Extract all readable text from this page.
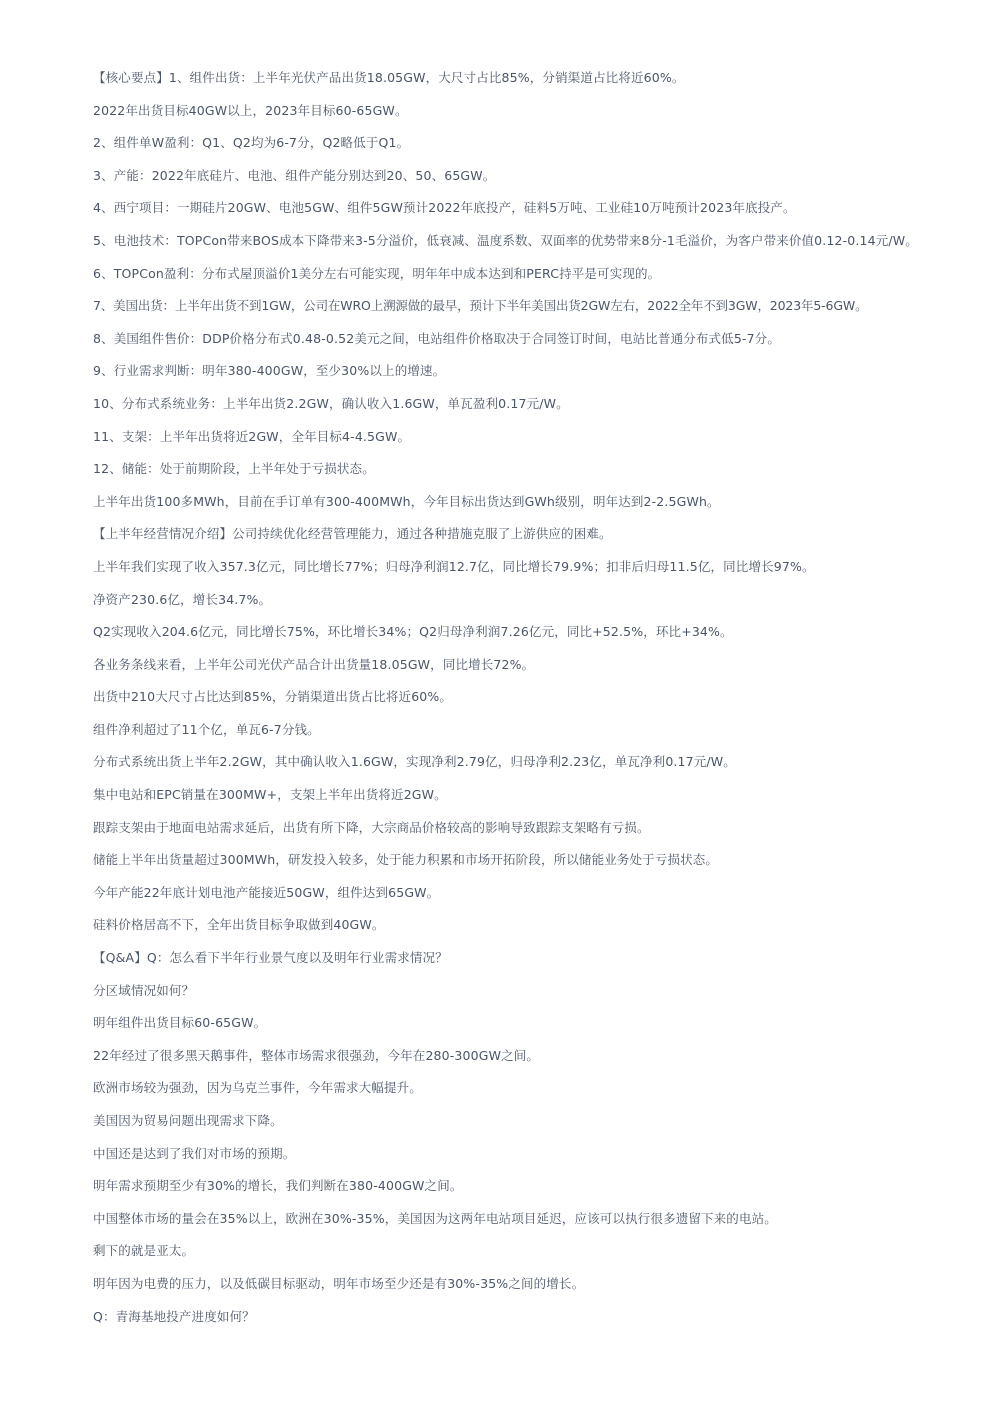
【核心要点】1、组件出货：上半年光伏产品出货18.05GW，大尺寸占比85%，分销渠道占比将近60%。

2022年出货目标40GW以上，2023年目标60-65GW。

2、组件单W盈利：Q1、Q2均为6-7分，Q2略低于Q1。

3、产能：2022年底硅片、电池、组件产能分别达到20、50、65GW。

4、西宁项目：一期硅片20GW、电池5GW、组件5GW预计2022年底投产，硅料5万吨、工业硅10万吨预计2023年底投产。

5、电池技术：TOPCon带来BOS成本下降带来3-5分溢价，低衰减、温度系数、双面率的优势带来8分-1毛溢价，为客户带来价值0.12-0.14元/W。

6、TOPCon盈利：分布式屋顶溢价1美分左右可能实现，明年年中成本达到和PERC持平是可实现的。

7、美国出货：上半年出货不到1GW，公司在WRO上溯源做的最早，预计下半年美国出货2GW左右，2022全年不到3GW，2023年5-6GW。

8、美国组件售价：DDP价格分布式0.48-0.52美元之间，电站组件价格取决于合同签订时间，电站比普通分布式低5-7分。

9、行业需求判断：明年380-400GW，至少30%以上的增速。

10、分布式系统业务：上半年出货2.2GW，确认收入1.6GW，单瓦盈利0.17元/W。

11、支架：上半年出货将近2GW，全年目标4-4.5GW。

12、储能：处于前期阶段，上半年处于亏损状态。

上半年出货100多MWh，目前在手订单有300-400MWh，今年目标出货达到GWh级别，明年达到2-2.5GWh。

【上半年经营情况介绍】公司持续优化经营管理能力，通过各种措施克服了上游供应的困难。

上半年我们实现了收入357.3亿元，同比增长77%；归母净利润12.7亿，同比增长79.9%；扣非后归母11.5亿，同比增长97%。

净资产230.6亿，增长34.7%。

Q2实现收入204.6亿元，同比增长75%，环比增长34%；Q2归母净利润7.26亿元，同比+52.5%，环比+34%。

各业务条线来看，上半年公司光伏产品合计出货量18.05GW，同比增长72%。

出货中210大尺寸占比达到85%，分销渠道出货占比将近60%。

组件净利超过了11个亿，单瓦6-7分钱。

分布式系统出货上半年2.2GW，其中确认收入1.6GW，实现净利2.79亿，归母净利2.23亿，单瓦净利0.17元/W。

集中电站和EPC销量在300MW+，支架上半年出货将近2GW。

跟踪支架由于地面电站需求延后，出货有所下降，大宗商品价格较高的影响导致跟踪支架略有亏损。

储能上半年出货量超过300MWh，研发投入较多，处于能力积累和市场开拓阶段，所以储能业务处于亏损状态。

今年产能22年底计划电池产能接近50GW，组件达到65GW。

硅料价格居高不下，全年出货目标争取做到40GW。

【Q&A】Q：怎么看下半年行业景气度以及明年行业需求情况？

分区域情况如何？

明年组件出货目标60-65GW。

22年经过了很多黑天鹅事件，整体市场需求很强劲，今年在280-300GW之间。

欧洲市场较为强劲，因为乌克兰事件，今年需求大幅提升。

美国因为贸易问题出现需求下降。

中国还是达到了我们对市场的预期。

明年需求预期至少有30%的增长，我们判断在380-400GW之间。

中国整体市场的量会在35%以上，欧洲在30%-35%，美国因为这两年电站项目延迟，应该可以执行很多遗留下来的电站。

剩下的就是亚太。

明年因为电费的压力，以及低碳目标驱动，明年市场至少还是有30%-35%之间的增长。

Q：青海基地投产进度如何？
